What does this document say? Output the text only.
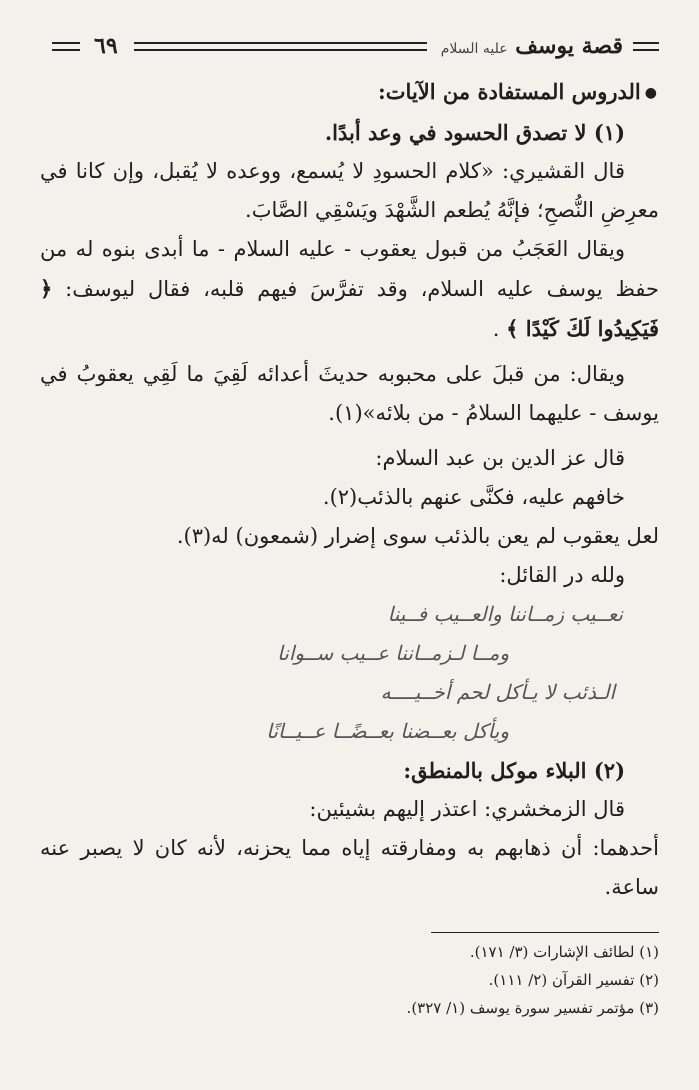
قصة يوسف عليه السلام
٦٩

●الدروس المستفادة من الآيات:

(١) لا تصدق الحسود في وعد أبدًا.

قال القشيري: «كلام الحسودِ لا يُسمع، ووعده لا يُقبل، وإن كانا في معرِضِ النُّصحِ؛ فإنَّهُ يُطعم الشَّهْدَ ويَسْقِي الصَّابَ.

ويقال العَجَبُ من قبول يعقوب - عليه السلام - ما أبدى بنوه له من حفظ يوسف عليه السلام، وقد تفرَّسَ فيهم قلبه، فقال ليوسف: ﴿ فَيَكِيدُوا لَكَ كَيْدًا ﴾ .

ويقال: من قبلَ على محبوبه حديثَ أعدائه لَقِيَ ما لَقِي يعقوبُ في يوسف - عليهما السلامُ - من بلائه»(١).

قال عز الدين بن عبد السلام:

خافهم عليه، فكنَّى عنهم بالذئب(٢).

لعل يعقوب لم يعن بالذئب سوى إضرار (شمعون) له(٣).

ولله در القائل:

نعــيب زمــاننا والعــيب فــينا

ومــا لـزمــاننا عــيب ســوانا

الـذئب لا يـأكل لحم أخــيــــه

ويأكل بعــضنا بعــضًــا عــيــانًا

(٢) البلاء موكل بالمنطق:

قال الزمخشري: اعتذر إليهم بشيئين:

أحدهما: أن ذهابهم به ومفارقته إياه مما يحزنه، لأنه كان لا يصبر عنه ساعة.

(١) لطائف الإشارات (٣/ ١٧١).

(٢) تفسير القرآن (٢/ ١١١).

(٣) مؤتمر تفسير سورة يوسف (١/ ٣٢٧).
